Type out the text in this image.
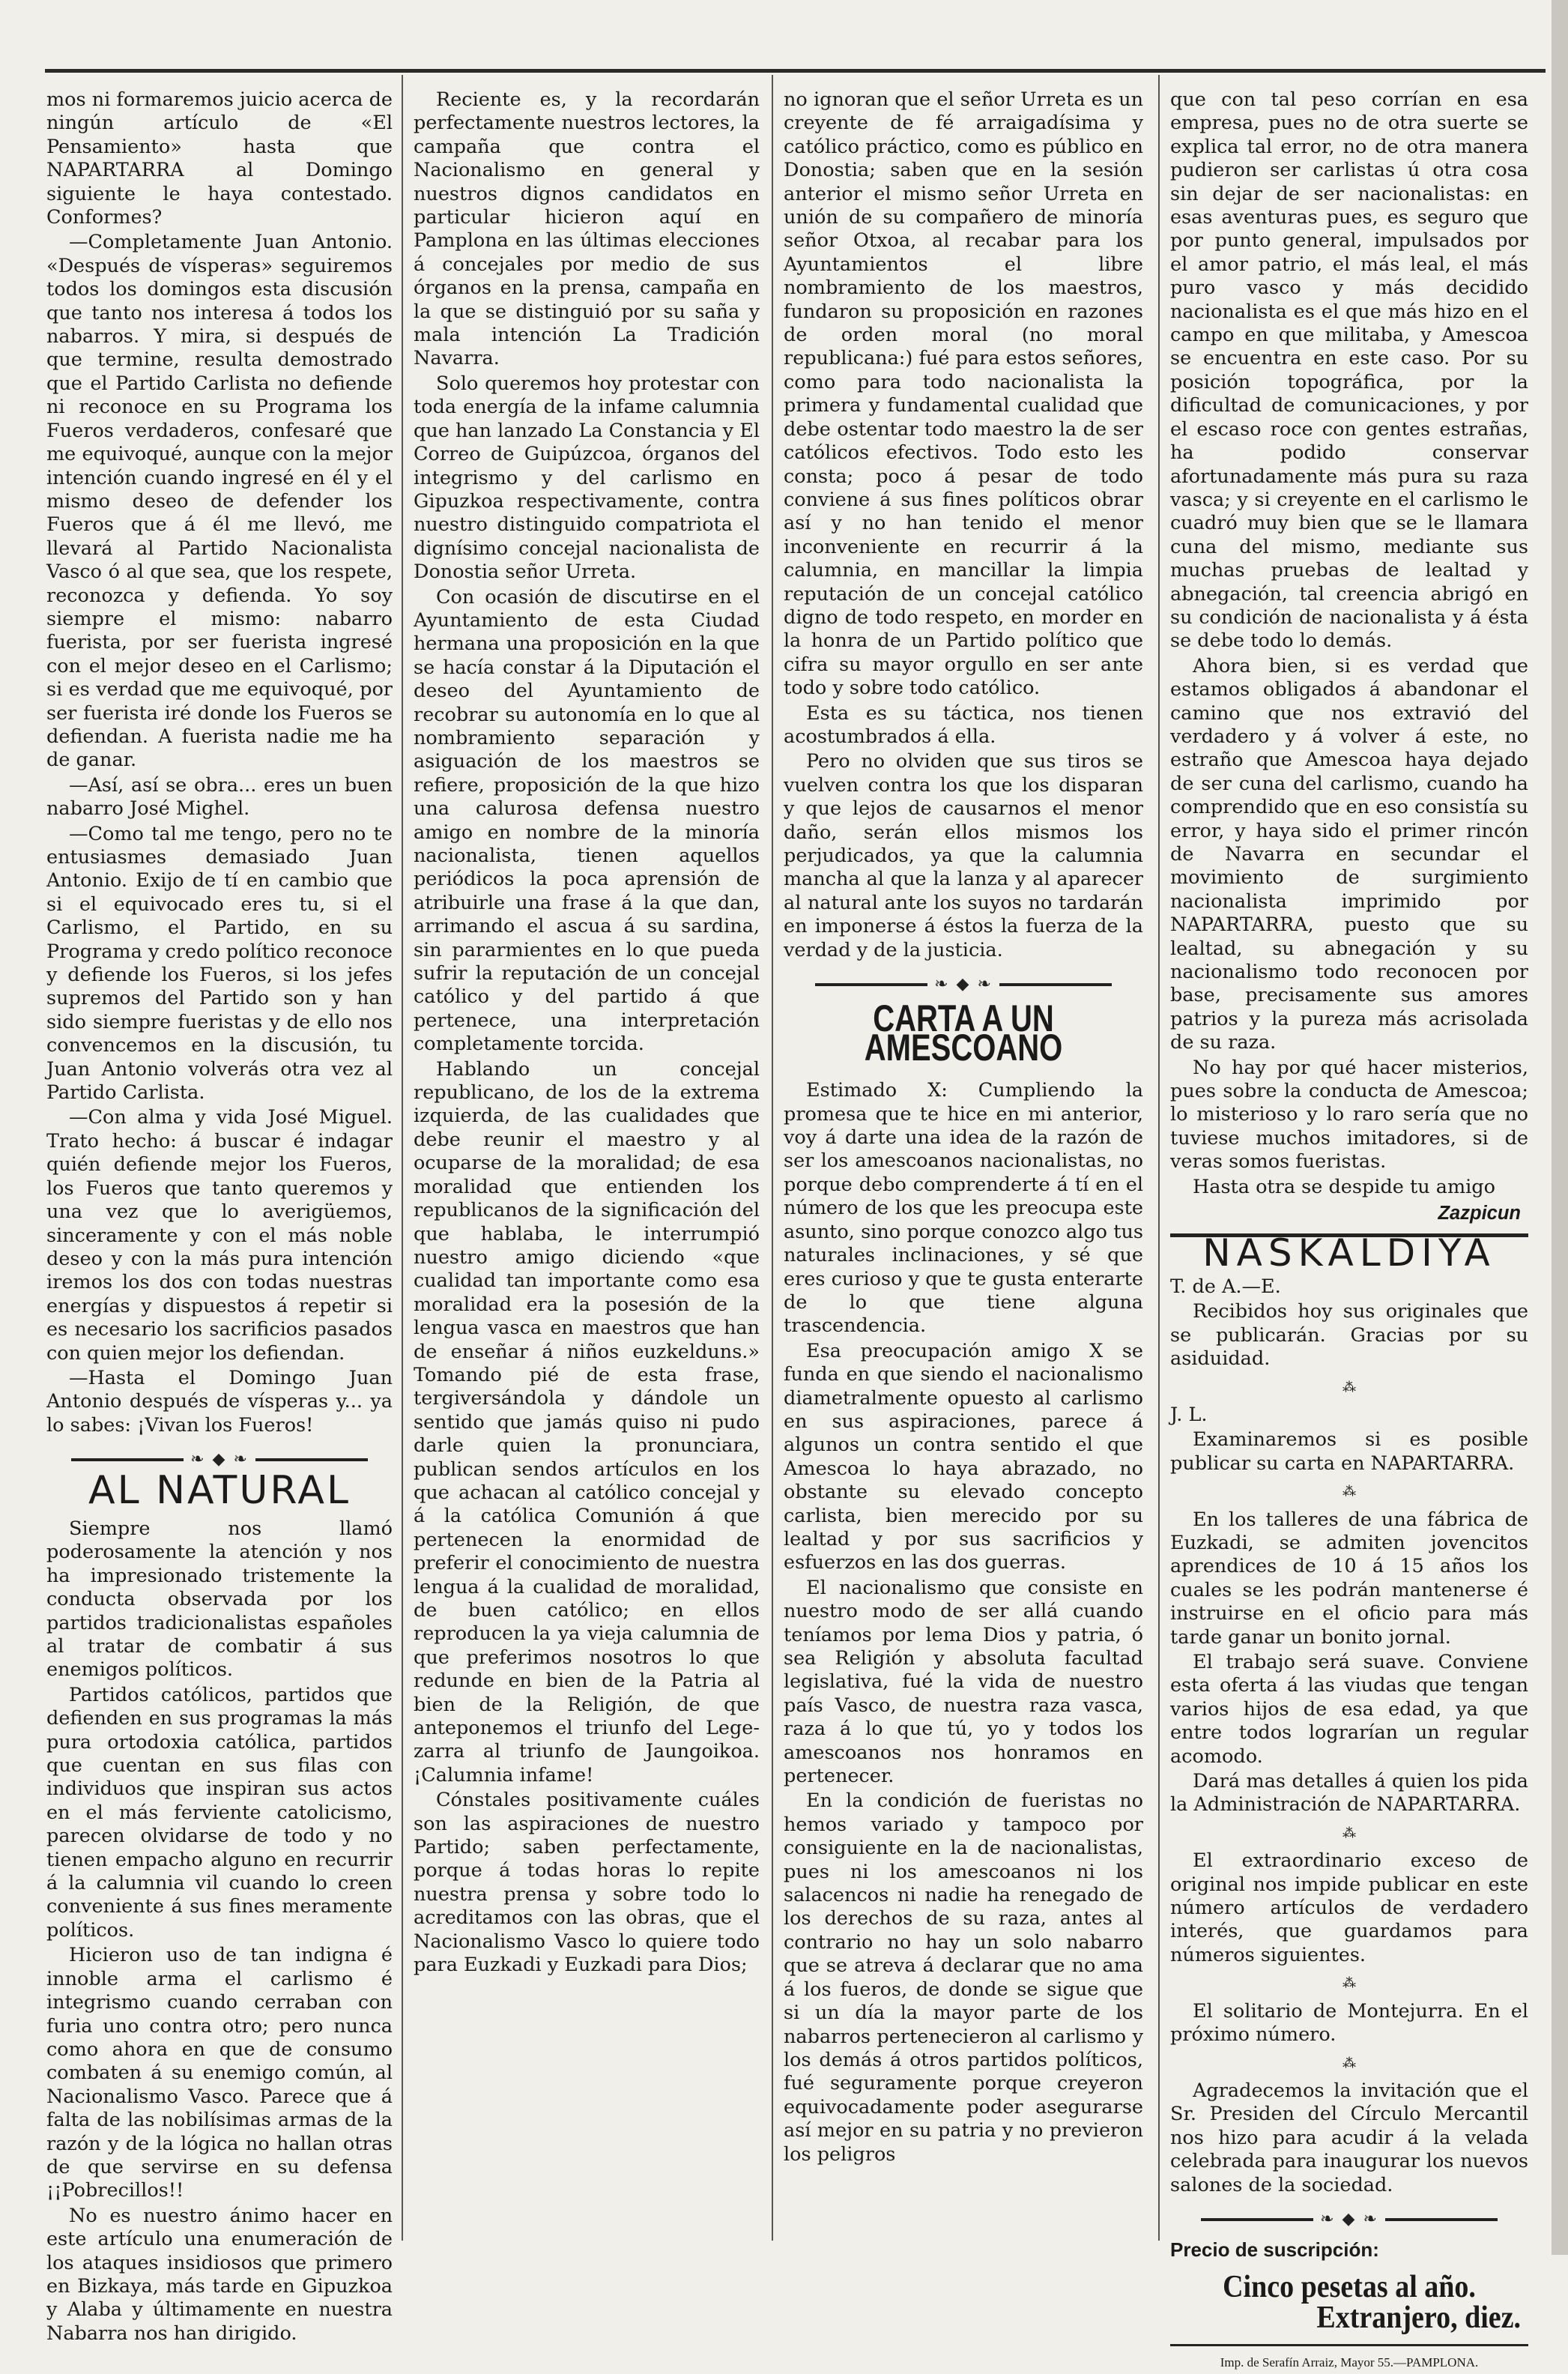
mos ni formaremos juicio acerca de ningún artículo de «El Pensamiento» hasta que NAPARTARRA al Domingo siguiente le haya contestado. Conformes?

—Completamente Juan Antonio. «Después de vísperas» seguiremos todos los domingos esta discusión que tanto nos interesa á todos los nabarros. Y mira, si después de que termine, resulta demostrado que el Partido Carlista no defiende ni reconoce en su Programa los Fueros verdaderos, confesaré que me equivoqué, aunque con la mejor intención cuando ingresé en él y el mismo deseo de defender los Fueros que á él me llevó, me llevará al Partido Nacionalista Vasco ó al que sea, que los respete, reconozca y defienda. Yo soy siempre el mismo: nabarro fuerista, por ser fuerista ingresé con el mejor deseo en el Carlismo; si es verdad que me equivoqué, por ser fuerista iré donde los Fueros se defiendan. A fuerista nadie me ha de ganar.

—Así, así se obra... eres un buen nabarro José Mighel.

—Como tal me tengo, pero no te entusiasmes demasiado Juan Antonio. Exijo de tí en cambio que si el equivocado eres tu, si el Carlismo, el Partido, en su Programa y credo político reconoce y defiende los Fueros, si los jefes supremos del Partido son y han sido siempre fueristas y de ello nos convencemos en la discusión, tu Juan Antonio volverás otra vez al Partido Carlista.

—Con alma y vida José Miguel. Trato hecho: á buscar é indagar quién defiende mejor los Fueros, los Fueros que tanto queremos y una vez que lo averigüemos, sinceramente y con el más noble deseo y con la más pura intención iremos los dos con todas nuestras energías y dispuestos á repetir si es necesario los sacrificios pasados con quien mejor los defiendan.

—Hasta el Domingo Juan Antonio después de vísperas y... ya lo sabes: ¡Vivan los Fueros!

❧ ◆ ❧
AL NATURAL

Siempre nos llamó poderosamente la atención y nos ha impresionado tristemente la conducta observada por los partidos tradicionalistas españoles al tratar de combatir á sus enemigos políticos.

Partidos católicos, partidos que defienden en sus programas la más pura ortodoxia católica, partidos que cuentan en sus filas con individuos que inspiran sus actos en el más ferviente catolicismo, parecen olvidarse de todo y no tienen empacho alguno en recurrir á la calumnia vil cuando lo creen conveniente á sus fines meramente políticos.

Hicieron uso de tan indigna é innoble arma el carlismo é integrismo cuando cerraban con furia uno contra otro; pero nunca como ahora en que de consumo combaten á su enemigo común, al Nacionalismo Vasco. Parece que á falta de las nobilísimas armas de la razón y de la lógica no hallan otras de que servirse en su defensa ¡¡Pobrecillos!!

No es nuestro ánimo hacer en este artículo una enumeración de los ataques insidiosos que primero en Bizkaya, más tarde en Gipuzkoa y Alaba y últimamente en nuestra Nabarra nos han dirigido.

Reciente es, y la recordarán perfectamente nuestros lectores, la campaña que contra el Nacionalismo en general y nuestros dignos candidatos en particular hicieron aquí en Pamplona en las últimas elecciones á concejales por medio de sus órganos en la prensa, campaña en la que se distinguió por su saña y mala intención La Tradición Navarra.

Solo queremos hoy protestar con toda energía de la infame calumnia que han lanzado La Constancia y El Correo de Guipúzcoa, órganos del integrismo y del carlismo en Gipuzkoa respectivamente, contra nuestro distinguido compatriota el dignísimo concejal nacionalista de Donostia señor Urreta.

Con ocasión de discutirse en el Ayuntamiento de esta Ciudad hermana una proposición en la que se hacía constar á la Diputación el deseo del Ayuntamiento de recobrar su autonomía en lo que al nombramiento separación y asiguación de los maestros se refiere, proposición de la que hizo una calurosa defensa nuestro amigo en nombre de la minoría nacionalista, tienen aquellos periódicos la poca aprensión de atribuirle una frase á la que dan, arrimando el ascua á su sardina, sin pararmientes en lo que pueda sufrir la reputación de un concejal católico y del partido á que pertenece, una interpretación completamente torcida.

Hablando un concejal republicano, de los de la extrema izquierda, de las cualidades que debe reunir el maestro y al ocuparse de la moralidad; de esa moralidad que entienden los republicanos de la significación del que hablaba, le interrumpió nuestro amigo diciendo «que cualidad tan importante como esa moralidad era la posesión de la lengua vasca en maestros que han de enseñar á niños euzkelduns.» Tomando pié de esta frase, tergiversándola y dándole un sentido que jamás quiso ni pudo darle quien la pronunciara, publican sendos artículos en los que achacan al católico concejal y á la católica Comunión á que pertenecen la enormidad de preferir el conocimiento de nuestra lengua á la cualidad de moralidad, de buen católico; en ellos reproducen la ya vieja calumnia de que preferimos nosotros lo que redunde en bien de la Patria al bien de la Religión, de que anteponemos el triunfo del Lege-zarra al triunfo de Jaungoikoa. ¡Calumnia infame!

Cónstales positivamente cuáles son las aspiraciones de nuestro Partido; saben perfectamente, porque á todas horas lo repite nuestra prensa y sobre todo lo acreditamos con las obras, que el Nacionalismo Vasco lo quiere todo para Euzkadi y Euzkadi para Dios;

no ignoran que el señor Urreta es un creyente de fé arraigadísima y católico práctico, como es público en Donostia; saben que en la sesión anterior el mismo señor Urreta en unión de su compañero de minoría señor Otxoa, al recabar para los Ayuntamientos el libre nombramiento de los maestros, fundaron su proposición en razones de orden moral (no moral republicana:) fué para estos señores, como para todo nacionalista la primera y fundamental cualidad que debe ostentar todo maestro la de ser católicos efectivos. Todo esto les consta; poco á pesar de todo conviene á sus fines políticos obrar así y no han tenido el menor inconveniente en recurrir á la calumnia, en mancillar la limpia reputación de un concejal católico digno de todo respeto, en morder en la honra de un Partido político que cifra su mayor orgullo en ser ante todo y sobre todo católico.

Esta es su táctica, nos tienen acostumbrados á ella.

Pero no olviden que sus tiros se vuelven contra los que los disparan y que lejos de causarnos el menor daño, serán ellos mismos los perjudicados, ya que la calumnia mancha al que la lanza y al aparecer al natural ante los suyos no tardarán en imponerse á éstos la fuerza de la verdad y de la justicia.

❧ ◆ ❧
CARTA A UN AMESCOANO

Estimado X: Cumpliendo la promesa que te hice en mi anterior, voy á darte una idea de la razón de ser los amescoanos nacionalistas, no porque debo comprenderte á tí en el número de los que les preocupa este asunto, sino porque conozco algo tus naturales inclinaciones, y sé que eres curioso y que te gusta enterarte de lo que tiene alguna trascendencia.

Esa preocupación amigo X se funda en que siendo el nacionalismo diametralmente opuesto al carlismo en sus aspiraciones, parece á algunos un contra sentido el que Amescoa lo haya abrazado, no obstante su elevado concepto carlista, bien merecido por su lealtad y por sus sacrificios y esfuerzos en las dos guerras.

El nacionalismo que consiste en nuestro modo de ser allá cuando teníamos por lema Dios y patria, ó sea Religión y absoluta facultad legislativa, fué la vida de nuestro país Vasco, de nuestra raza vasca, raza á lo que tú, yo y todos los amescoanos nos honramos en pertenecer.

En la condición de fueristas no hemos variado y tampoco por consiguiente en la de nacionalistas, pues ni los amescoanos ni los salacencos ni nadie ha renegado de los derechos de su raza, antes al contrario no hay un solo nabarro que se atreva á declarar que no ama á los fueros, de donde se sigue que si un día la mayor parte de los nabarros pertenecieron al carlismo y los demás á otros partidos políticos, fué seguramente porque creyeron equivocadamente poder asegurarse así mejor en su patria y no previeron los peligros

que con tal peso corrían en esa empresa, pues no de otra suerte se explica tal error, no de otra manera pudieron ser carlistas ú otra cosa sin dejar de ser nacionalistas: en esas aventuras pues, es seguro que por punto general, impulsados por el amor patrio, el más leal, el más puro vasco y más decidido nacionalista es el que más hizo en el campo en que militaba, y Amescoa se encuentra en este caso. Por su posición topográfica, por la dificultad de comunicaciones, y por el escaso roce con gentes estrañas, ha podido conservar afortunadamente más pura su raza vasca; y si creyente en el carlismo le cuadró muy bien que se le llamara cuna del mismo, mediante sus muchas pruebas de lealtad y abnegación, tal creencia abrigó en su condición de nacionalista y á ésta se debe todo lo demás.

Ahora bien, si es verdad que estamos obligados á abandonar el camino que nos extravió del verdadero y á volver á este, no estraño que Amescoa haya dejado de ser cuna del carlismo, cuando ha comprendido que en eso consistía su error, y haya sido el primer rincón de Navarra en secundar el movimiento de surgimiento nacionalista imprimido por NAPARTARRA, puesto que su lealtad, su abnegación y su nacionalismo todo reconocen por base, precisamente sus amores patrios y la pureza más acrisolada de su raza.

No hay por qué hacer misterios, pues sobre la conducta de Amescoa; lo misterioso y lo raro sería que no tuviese muchos imitadores, si de veras somos fueristas.

Hasta otra se despide tu amigo

Zazpicun
NASKALDIYA

T. de A.—E.

Recibidos hoy sus originales que se publicarán. Gracias por su asiduidad.

⁂

J. L.

Examinaremos si es posible publicar su carta en NAPARTARRA.

⁂

En los talleres de una fábrica de Euzkadi, se admiten jovencitos aprendices de 10 á 15 años los cuales se les podrán mantenerse é instruirse en el oficio para más tarde ganar un bonito jornal.

El trabajo será suave. Conviene esta oferta á las viudas que tengan varios hijos de esa edad, ya que entre todos lograrían un regular acomodo.

Dará mas detalles á quien los pida la Administración de NAPARTARRA.

⁂

El extraordinario exceso de original nos impide publicar en este número artículos de verdadero interés, que guardamos para números siguientes.

⁂

El solitario de Montejurra. En el próximo número.

⁂

Agradecemos la invitación que el Sr. Presiden del Círculo Mercantil nos hizo para acudir á la velada celebrada para inaugurar los nuevos salones de la sociedad.

❧ ◆ ❧
Precio de suscripción:
Cinco pesetas al año.
Extranjero, diez.
Imp. de Serafín Arraiz, Mayor 55.—PAMPLONA.
